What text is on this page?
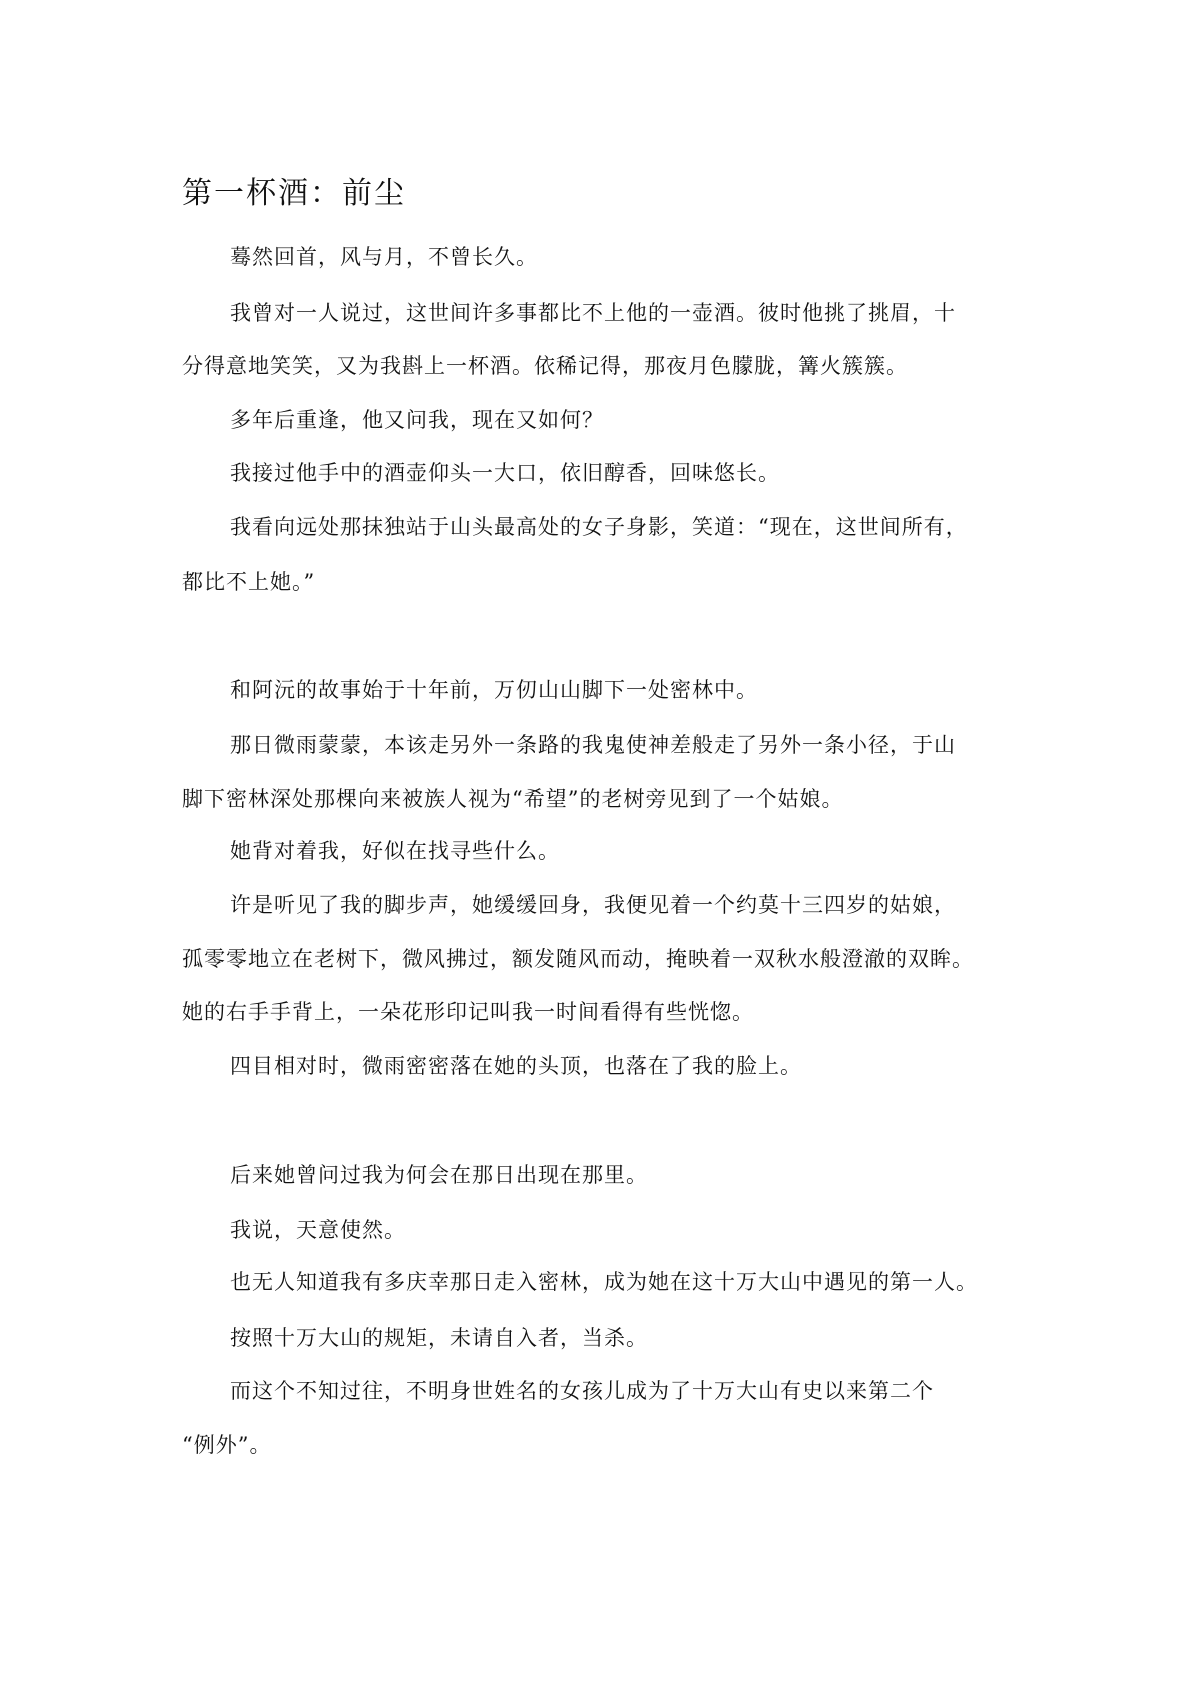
第一杯酒：前尘
蓦然回首，风与月，不曾长久。
我曾对一人说过，这世间许多事都比不上他的一壶酒。彼时他挑了挑眉，十
分得意地笑笑，又为我斟上一杯酒。依稀记得，那夜月色朦胧，篝火簇簇。
多年后重逢，他又问我，现在又如何？
我接过他手中的酒壶仰头一大口，依旧醇香，回味悠长。
我看向远处那抹独站于山头最高处的女子身影，笑道：“现在，这世间所有，
都比不上她。”
和阿沅的故事始于十年前，万仞山山脚下一处密林中。
那日微雨蒙蒙，本该走另外一条路的我鬼使神差般走了另外一条小径，于山
脚下密林深处那棵向来被族人视为“希望”的老树旁见到了一个姑娘。
她背对着我，好似在找寻些什么。
许是听见了我的脚步声，她缓缓回身，我便见着一个约莫十三四岁的姑娘，
孤零零地立在老树下，微风拂过，额发随风而动，掩映着一双秋水般澄澈的双眸。
她的右手手背上，一朵花形印记叫我一时间看得有些恍惚。
四目相对时，微雨密密落在她的头顶，也落在了我的脸上。
后来她曾问过我为何会在那日出现在那里。
我说，天意使然。
也无人知道我有多庆幸那日走入密林，成为她在这十万大山中遇见的第一人。
按照十万大山的规矩，未请自入者，当杀。
而这个不知过往，不明身世姓名的女孩儿成为了十万大山有史以来第二个
“例外”。
